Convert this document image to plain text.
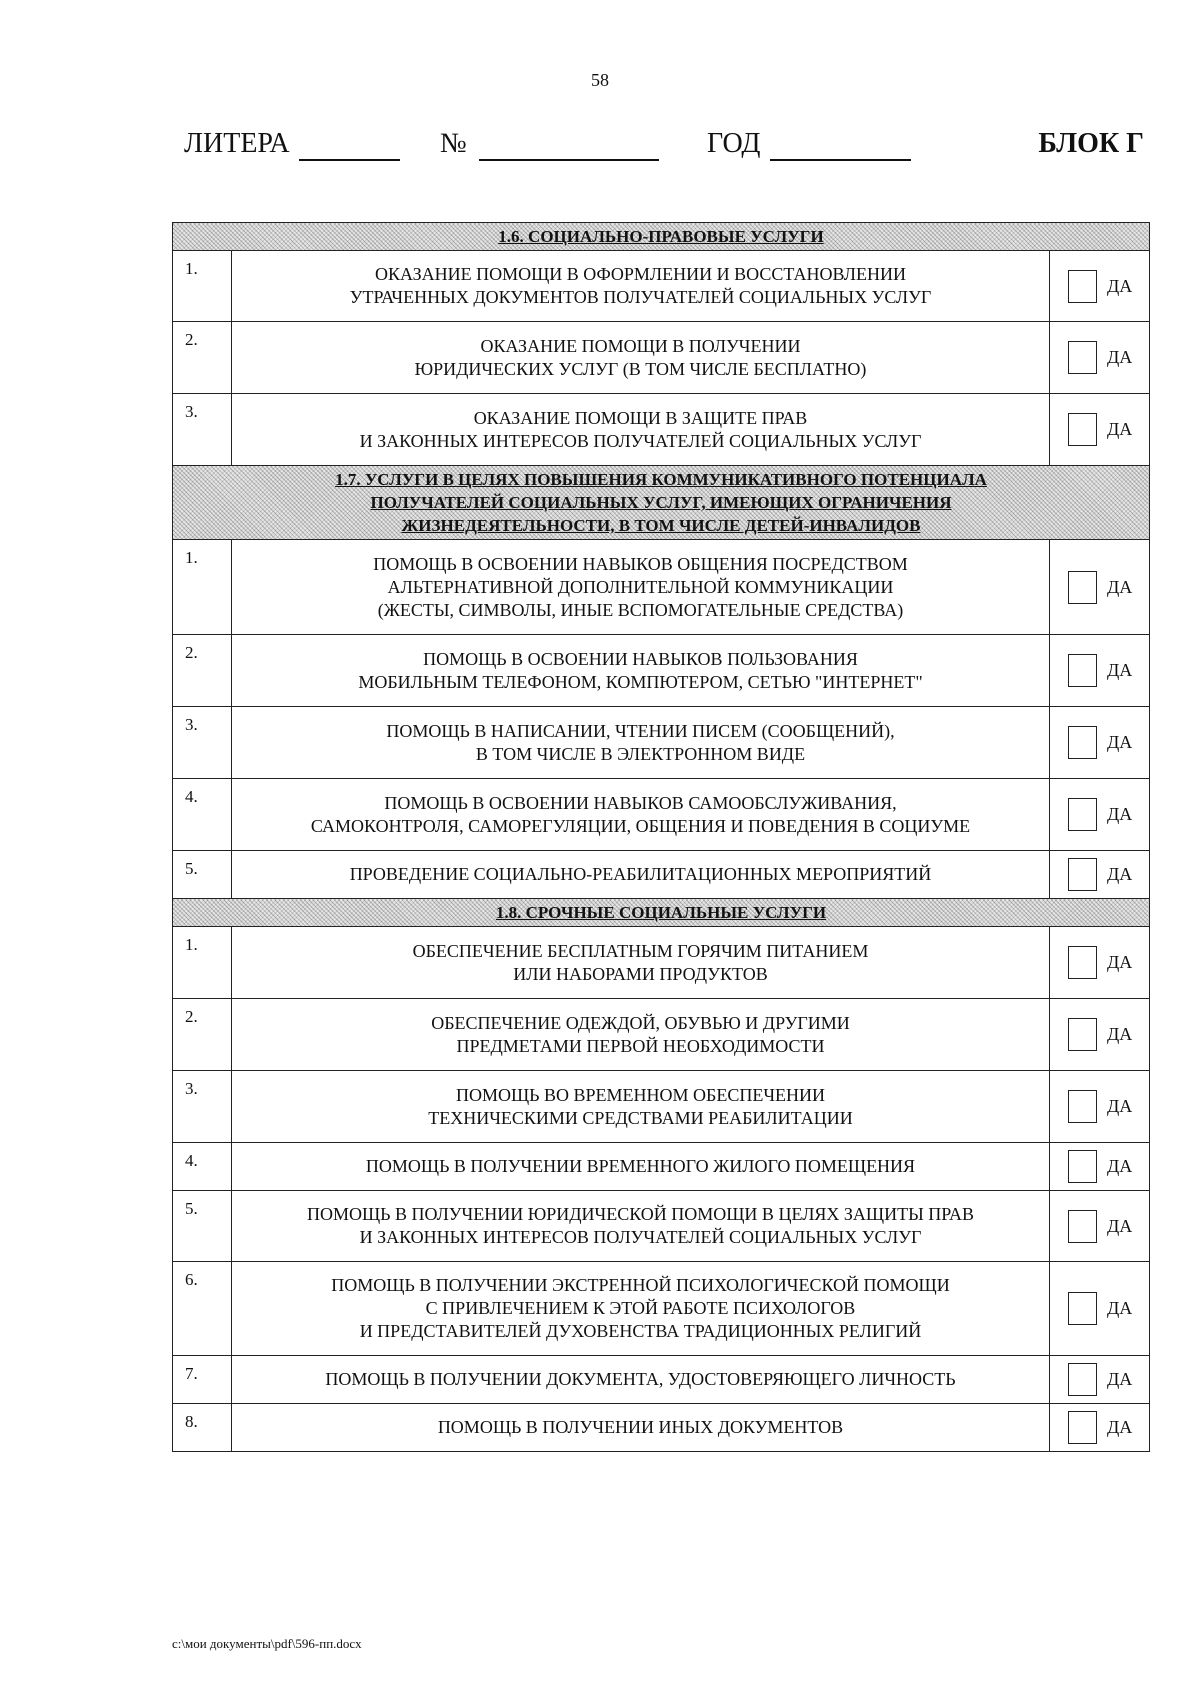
58
ЛИТЕРА	№	ГОД	БЛОК Г
1.6. СОЦИАЛЬНО-ПРАВОВЫЕ УСЛУГИ		

1.	ОКАЗАНИЕ ПОМОЩИ В ОФОРМЛЕНИИ И ВОССТАНОВЛЕНИИ
УТРАЧЕННЫХ ДОКУМЕНТОВ ПОЛУЧАТЕЛЕЙ СОЦИАЛЬНЫХ УСЛУГ	ДА

2.	ОКАЗАНИЕ ПОМОЩИ В ПОЛУЧЕНИИ
ЮРИДИЧЕСКИХ УСЛУГ (В ТОМ ЧИСЛЕ БЕСПЛАТНО)	ДА

3.	ОКАЗАНИЕ ПОМОЩИ В ЗАЩИТЕ ПРАВ
И ЗАКОННЫХ ИНТЕРЕСОВ ПОЛУЧАТЕЛЕЙ СОЦИАЛЬНЫХ УСЛУГ	ДА

1.7. УСЛУГИ В ЦЕЛЯХ ПОВЫШЕНИЯ КОММУНИКАТИВНОГО ПОТЕНЦИАЛА
ПОЛУЧАТЕЛЕЙ СОЦИАЛЬНЫХ УСЛУГ, ИМЕЮЩИХ ОГРАНИЧЕНИЯ
ЖИЗНЕДЕЯТЕЛЬНОСТИ, В ТОМ ЧИСЛЕ ДЕТЕЙ-ИНВАЛИДОВ		

1.	ПОМОЩЬ В ОСВОЕНИИ НАВЫКОВ ОБЩЕНИЯ ПОСРЕДСТВОМ
АЛЬТЕРНАТИВНОЙ ДОПОЛНИТЕЛЬНОЙ КОММУНИКАЦИИ
(ЖЕСТЫ, СИМВОЛЫ, ИНЫЕ ВСПОМОГАТЕЛЬНЫЕ СРЕДСТВА)	ДА

2.	ПОМОЩЬ В ОСВОЕНИИ НАВЫКОВ ПОЛЬЗОВАНИЯ
МОБИЛЬНЫМ ТЕЛЕФОНОМ, КОМПЮТЕРОМ, СЕТЬЮ "ИНТЕРНЕТ"	ДА

3.	ПОМОЩЬ В НАПИСАНИИ, ЧТЕНИИ ПИСЕМ (СООБЩЕНИЙ),
В ТОМ ЧИСЛЕ В ЭЛЕКТРОННОМ ВИДЕ	ДА

4.	ПОМОЩЬ В ОСВОЕНИИ НАВЫКОВ САМООБСЛУЖИВАНИЯ,
САМОКОНТРОЛЯ, САМОРЕГУЛЯЦИИ, ОБЩЕНИЯ И ПОВЕДЕНИЯ В СОЦИУМЕ	ДА

5.	ПРОВЕДЕНИЕ СОЦИАЛЬНО-РЕАБИЛИТАЦИОННЫХ МЕРОПРИЯТИЙ	ДА

1.8. СРОЧНЫЕ СОЦИАЛЬНЫЕ УСЛУГИ		

1.	ОБЕСПЕЧЕНИЕ БЕСПЛАТНЫМ ГОРЯЧИМ ПИТАНИЕМ
ИЛИ НАБОРАМИ ПРОДУКТОВ	ДА

2.	ОБЕСПЕЧЕНИЕ ОДЕЖДОЙ, ОБУВЬЮ И ДРУГИМИ
ПРЕДМЕТАМИ ПЕРВОЙ НЕОБХОДИМОСТИ	ДА

3.	ПОМОЩЬ ВО ВРЕМЕННОМ ОБЕСПЕЧЕНИИ
ТЕХНИЧЕСКИМИ СРЕДСТВАМИ РЕАБИЛИТАЦИИ	ДА

4.	ПОМОЩЬ В ПОЛУЧЕНИИ ВРЕМЕННОГО ЖИЛОГО ПОМЕЩЕНИЯ	ДА

5.	ПОМОЩЬ В ПОЛУЧЕНИИ ЮРИДИЧЕСКОЙ ПОМОЩИ В ЦЕЛЯХ ЗАЩИТЫ ПРАВ
И ЗАКОННЫХ ИНТЕРЕСОВ ПОЛУЧАТЕЛЕЙ СОЦИАЛЬНЫХ УСЛУГ	ДА

6.	ПОМОЩЬ В ПОЛУЧЕНИИ ЭКСТРЕННОЙ ПСИХОЛОГИЧЕСКОЙ ПОМОЩИ
С ПРИВЛЕЧЕНИЕМ К ЭТОЙ РАБОТЕ ПСИХОЛОГОВ
И ПРЕДСТАВИТЕЛЕЙ ДУХОВЕНСТВА ТРАДИЦИОННЫХ РЕЛИГИЙ	ДА

7.	ПОМОЩЬ В ПОЛУЧЕНИИ ДОКУМЕНТА, УДОСТОВЕРЯЮЩЕГО ЛИЧНОСТЬ	ДА

8.	ПОМОЩЬ В ПОЛУЧЕНИИ ИНЫХ ДОКУМЕНТОВ	ДА
c:\мои документы\pdf\596-пп.docx
